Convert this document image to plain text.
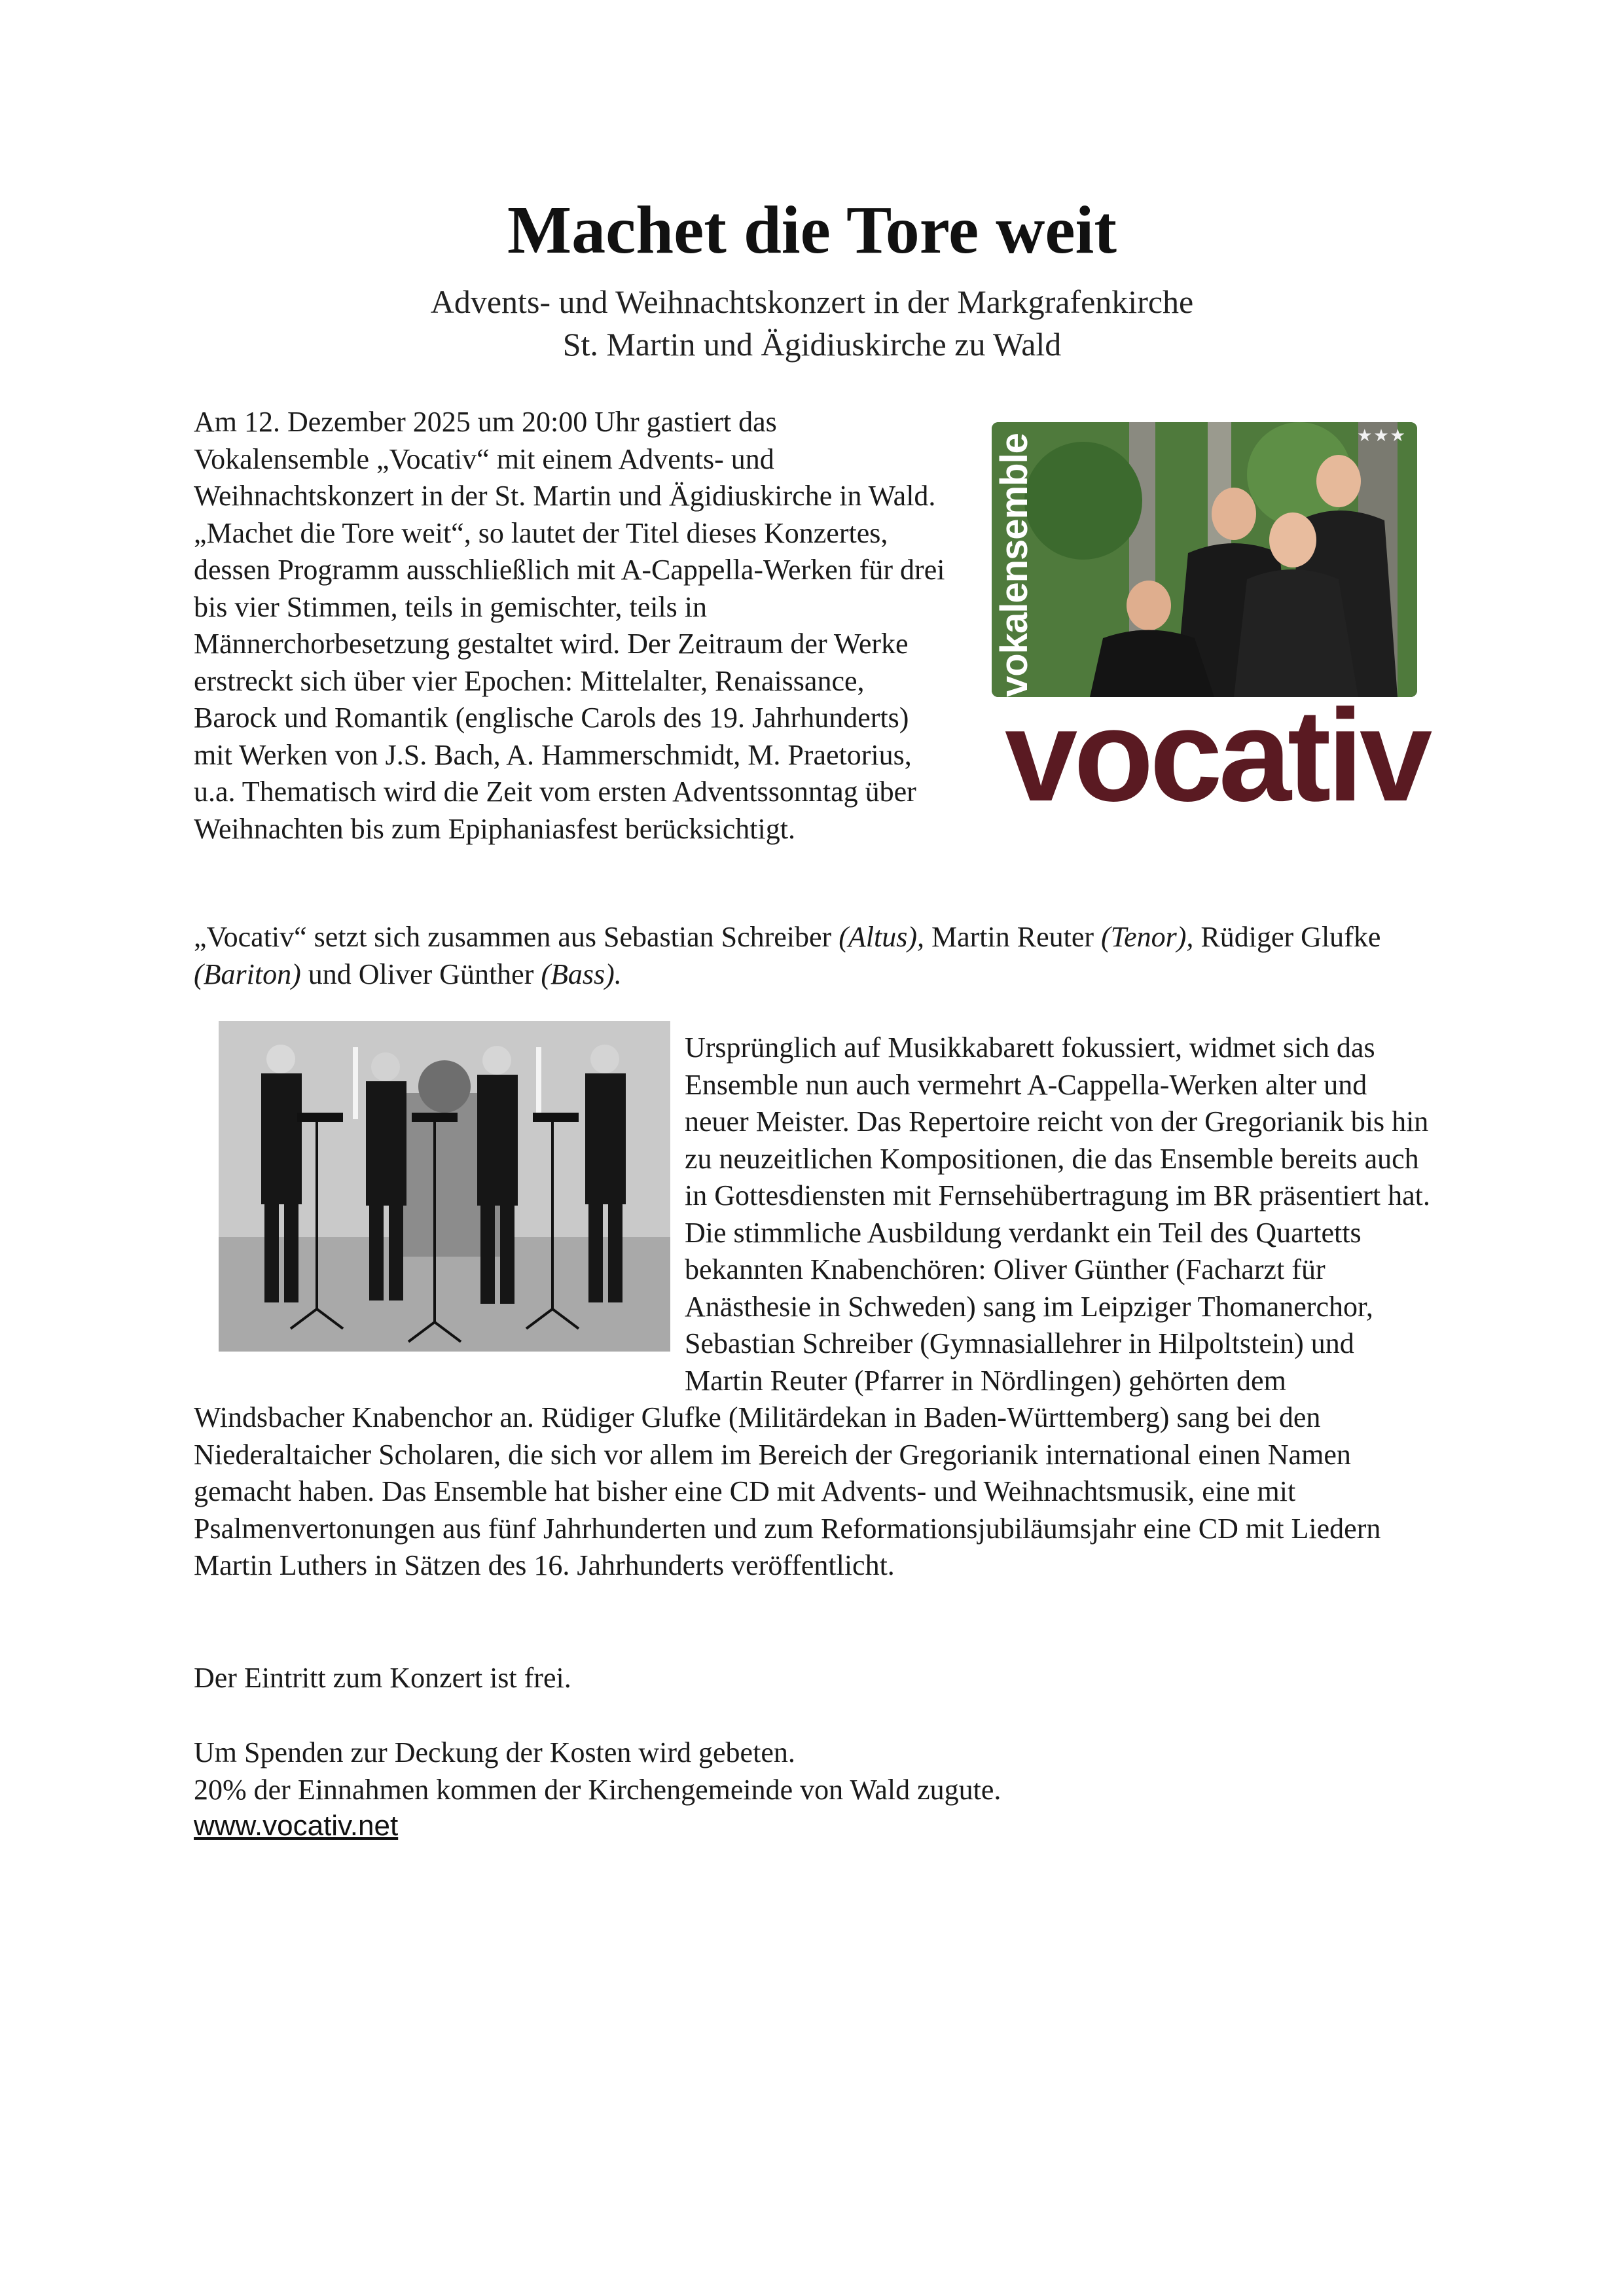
Machet die Tore weit
Advents- und Weihnachtskonzert in der Markgrafenkirche
St. Martin und Ägidiuskirche zu Wald

Am 12. Dezember 2025 um 20:00 Uhr gastiert das Vokalensemble „Vocativ“ mit einem Advents- und Weihnachtskonzert in der St. Martin und Ägidiuskirche in Wald. „Machet die Tore weit“, so lautet der Titel dieses Konzertes, dessen Programm ausschließlich mit A-Cappella-Werken für drei bis vier Stimmen, teils in gemischter, teils in Männerchorbesetzung gestaltet wird. Der Zeitraum der Werke erstreckt sich über vier Epochen: Mittelalter, Renaissance, Barock und Romantik (englische Carols des 19. Jahrhunderts) mit Werken von J.S. Bach, A. Hammerschmidt, M. Praetorius, u.a. Thematisch wird die Zeit vom ersten Adventssonntag über Weihnachten bis zum Epiphaniasfest berücksichtigt.

★★★
vokalensemble
vocativ

„Vocativ“ setzt sich zusammen aus Sebastian Schreiber (Altus), Martin Reuter (Tenor), Rüdiger Glufke (Bariton) und Oliver Günther (Bass).

Ursprünglich auf Musikkabarett fokussiert, widmet sich das Ensemble nun auch vermehrt A-Cappella-Werken alter und neuer Meister. Das Repertoire reicht von der Gregorianik bis hin zu neuzeitlichen Kompositionen, die das Ensemble bereits auch in Gottesdiensten mit Fernsehübertragung im BR präsentiert hat. Die stimmliche Ausbildung verdankt ein Teil des Quartetts bekannten Knabenchören: Oliver Günther (Facharzt für Anästhesie in Schweden) sang im Leipziger Thomanerchor, Sebastian Schreiber (Gymnasiallehrer in Hilpoltstein) und Martin Reuter (Pfarrer in Nördlingen) gehörten dem Windsbacher Knabenchor an. Rüdiger Glufke (Militärdekan in Baden-Württemberg) sang bei den Niederaltaicher Scholaren, die sich vor allem im Bereich der Gregorianik international einen Namen gemacht haben. Das Ensemble hat bisher eine CD mit Advents- und Weihnachtsmusik, eine mit Psalmenvertonungen aus fünf Jahrhunderten und zum Reformationsjubiläumsjahr eine CD mit Liedern Martin Luthers in Sätzen des 16. Jahrhunderts veröffentlicht.

Der Eintritt zum Konzert ist frei.

Um Spenden zur Deckung der Kosten wird gebeten.
20% der Einnahmen kommen der Kirchengemeinde von Wald zugute.

www.vocativ.net
